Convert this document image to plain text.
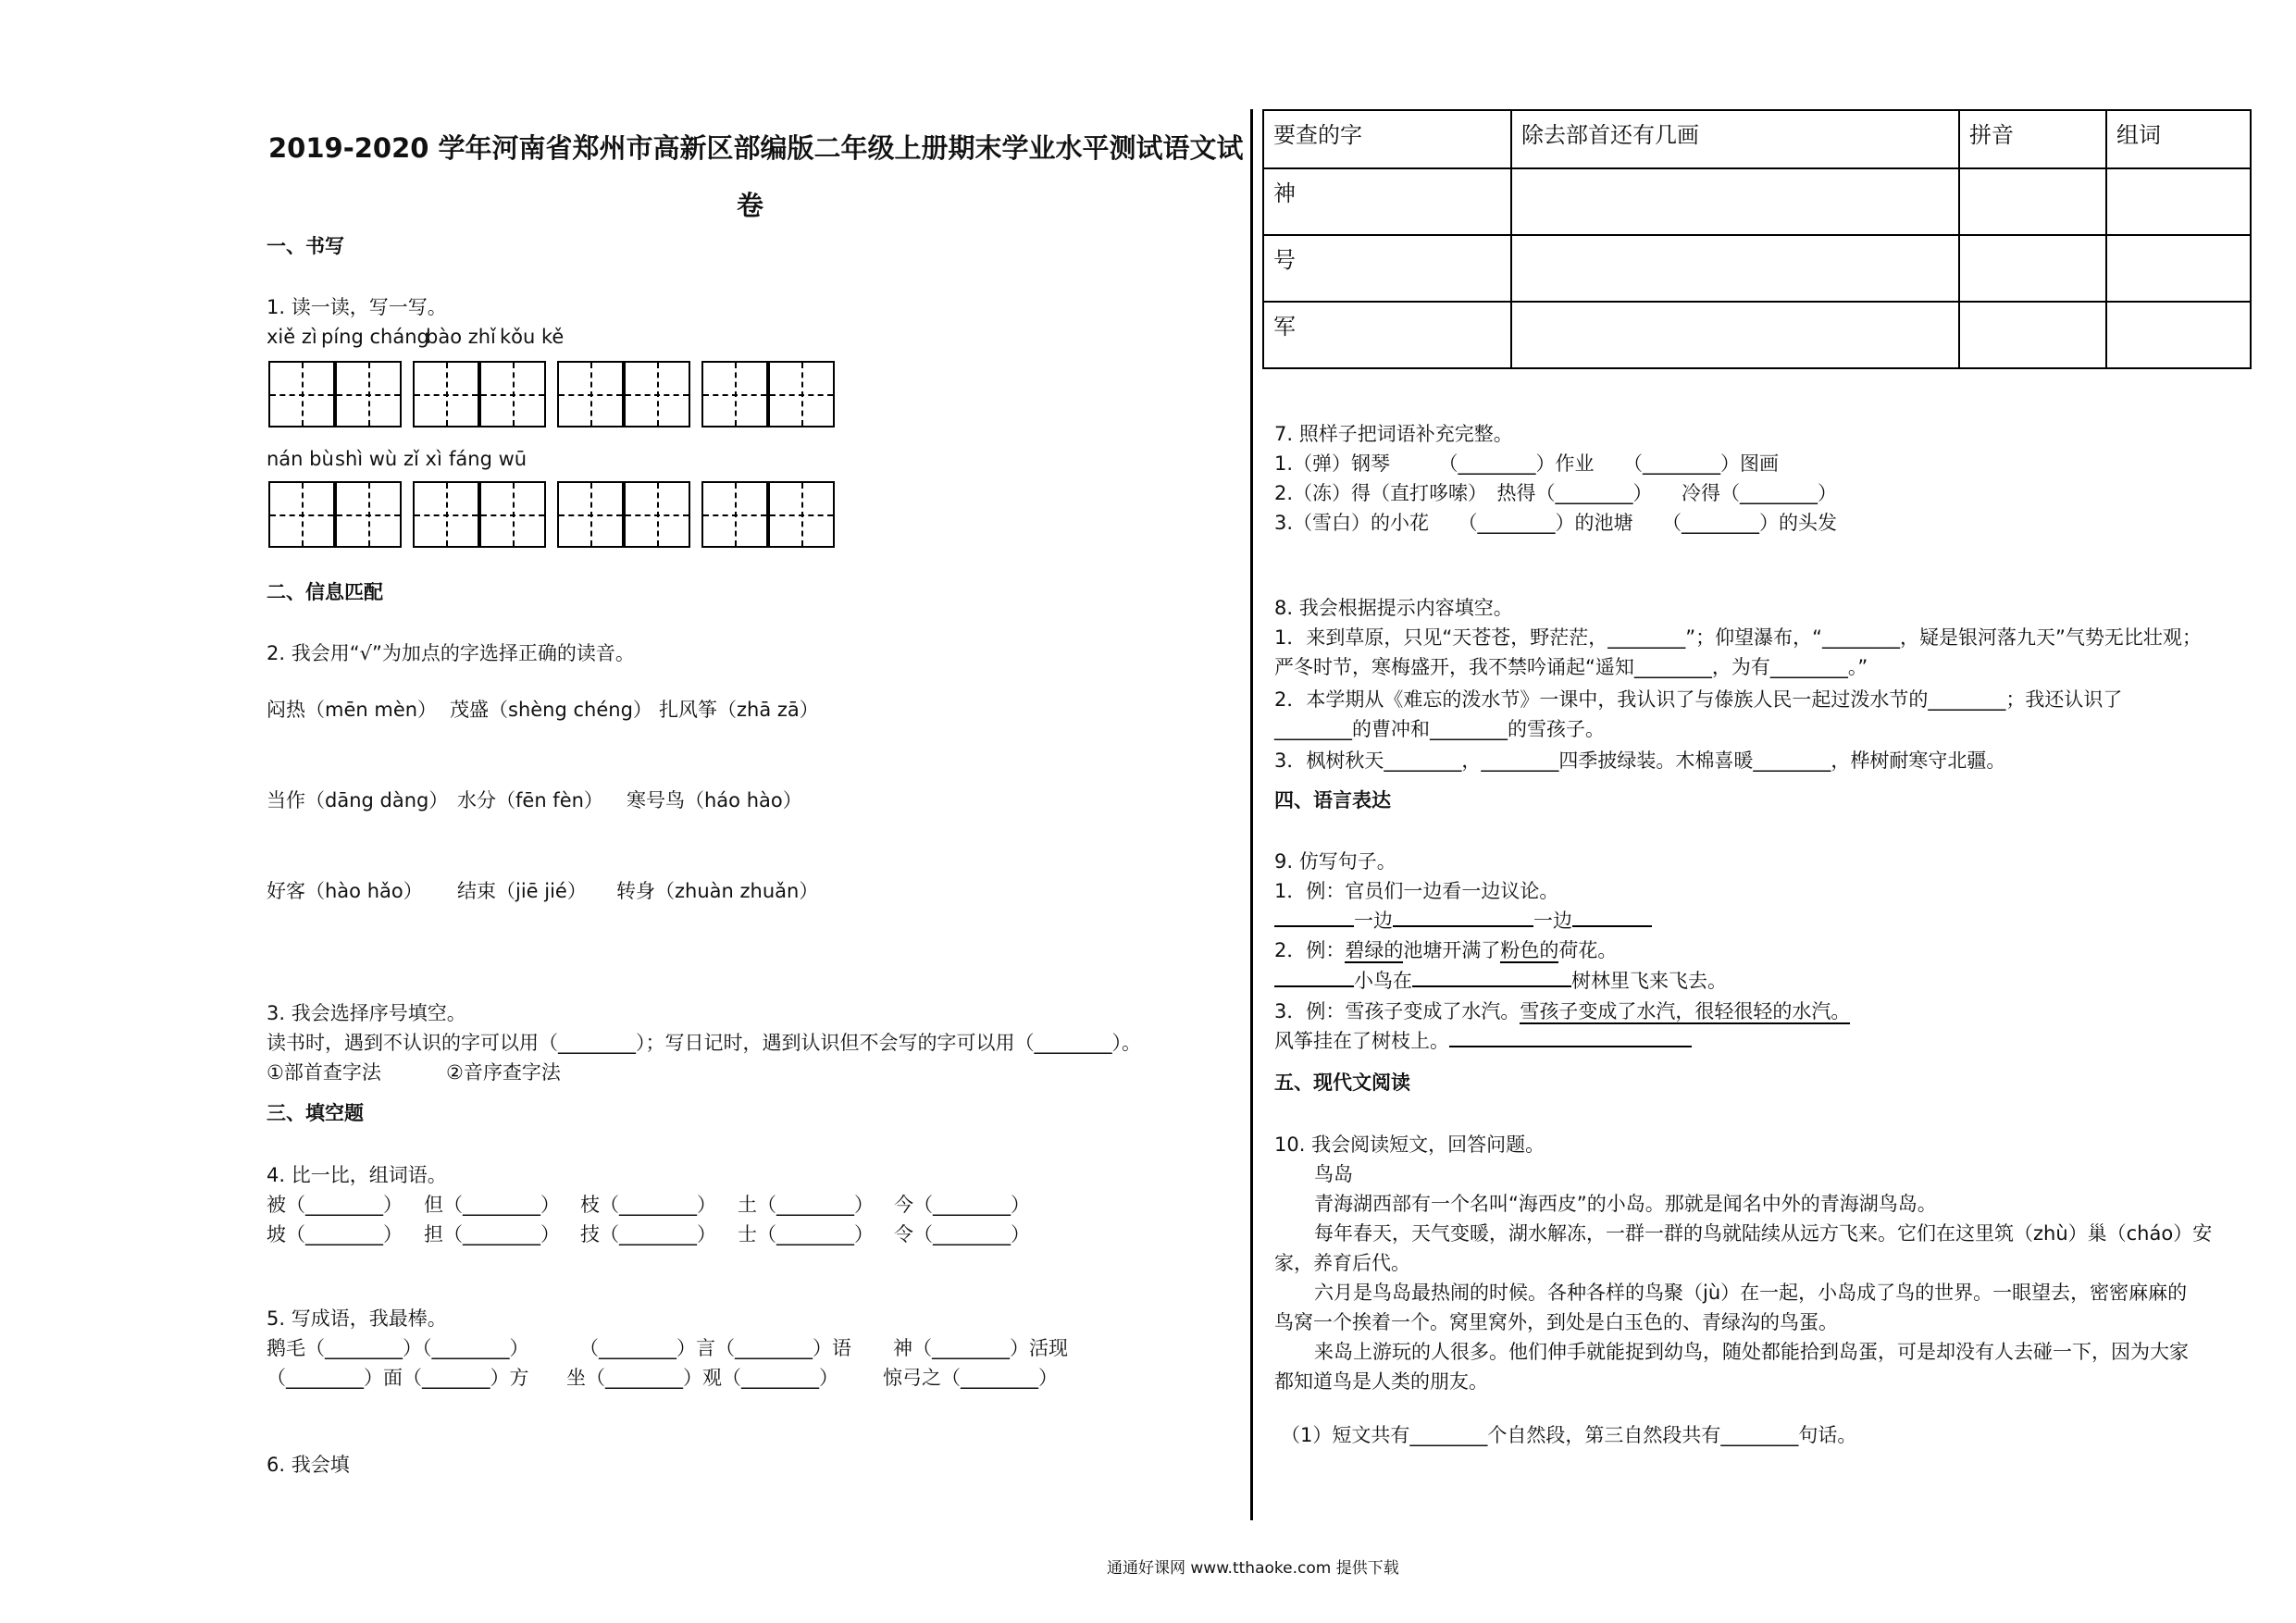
2019-2020 学年河南省郑州市高新区部编版二年级上册期末学业水平测试语文试
卷
一、书写
1. 读一读，写一写。
xiě zì píng cháng
bào zhǐ kǒu kě
nán bù shì wù zǐ xì fáng wū
二、信息匹配
2. 我会用“√”为加点的字选择正确的读音。
闷热（mēn mèn） 茂盛（shèng chéng） 扎风筝（zhā zā）
当作（dāng dàng） 水分（fēn fèn） 寒号鸟（háo hào）
好客（hào hǎo） 结束（jiē jié） 转身（zhuàn zhuǎn）
3. 我会选择序号填空。
读书时，遇到不认识的字可以用（________）；写日记时，遇到认识但不会写的字可以用（________）。
①部首查字法	②音序查字法
三、填空题
4. 比一比，组词语。
被（________） 但（________） 枝（________） 土（________） 今（________）
坡（________） 担（________） 技（________） 士（________） 令（________）
5. 写成语，我最棒。
鹅毛（________）（________）	（________）言（________）语 神（________）活现
（________）面（_______）方 坐（________）观（________） 惊弓之（________）
6. 我会填
要查的字	除去部首还有几画	拼音	组词

神			

号			

军			

7. 照样子把词语补充完整。
1.（弹）钢琴　　　（________）作业　　（________）图画
2.（冻）得（直打哆嗦）　热得（________）　　冷得（________）
3.（雪白）的小花　　（________）的池塘　　（________）的头发
8. 我会根据提示内容填空。
1．来到草原，只见“天苍苍，野茫茫，________”；仰望瀑布，“________，疑是银河落九天”气势无比壮观；
严冬时节，寒梅盛开，我不禁吟诵起“遥知________，为有________。”
2．本学期从《难忘的泼水节》一课中，我认识了与傣族人民一起过泼水节的________；我还认识了
________的曹冲和________的雪孩子。
3．枫树秋天________，________四季披绿装。木棉喜暖________，桦树耐寒守北疆。
四、语言表达
9. 仿写句子。
1．例：官员们一边看一边议论。
一边	一边
2．例：碧绿的池塘开满了粉色的荷花。
小鸟在	树林里飞来飞去。
3．例：雪孩子变成了水汽。雪孩子变成了水汽，很轻很轻的水汽。
风筝挂在了树枝上。
五、现代文阅读
10. 我会阅读短文，回答问题。
鸟岛
青海湖西部有一个名叫“海西皮”的小岛。那就是闻名中外的青海湖鸟岛。
每年春天，天气变暖，湖水解冻，一群一群的鸟就陆续从远方飞来。它们在这里筑（zhù）巢（cháo）安
家，养育后代。
六月是鸟岛最热闹的时候。各种各样的鸟聚（jù）在一起，小岛成了鸟的世界。一眼望去，密密麻麻的
鸟窝一个挨着一个。窝里窝外，到处是白玉色的、青绿沟的鸟蛋。
来岛上游玩的人很多。他们伸手就能捉到幼鸟，随处都能拾到岛蛋，可是却没有人去碰一下，因为大家
都知道鸟是人类的朋友。
（1）短文共有________个自然段，第三自然段共有________句话。
通通好课网 www.tthaoke.com 提供下载
